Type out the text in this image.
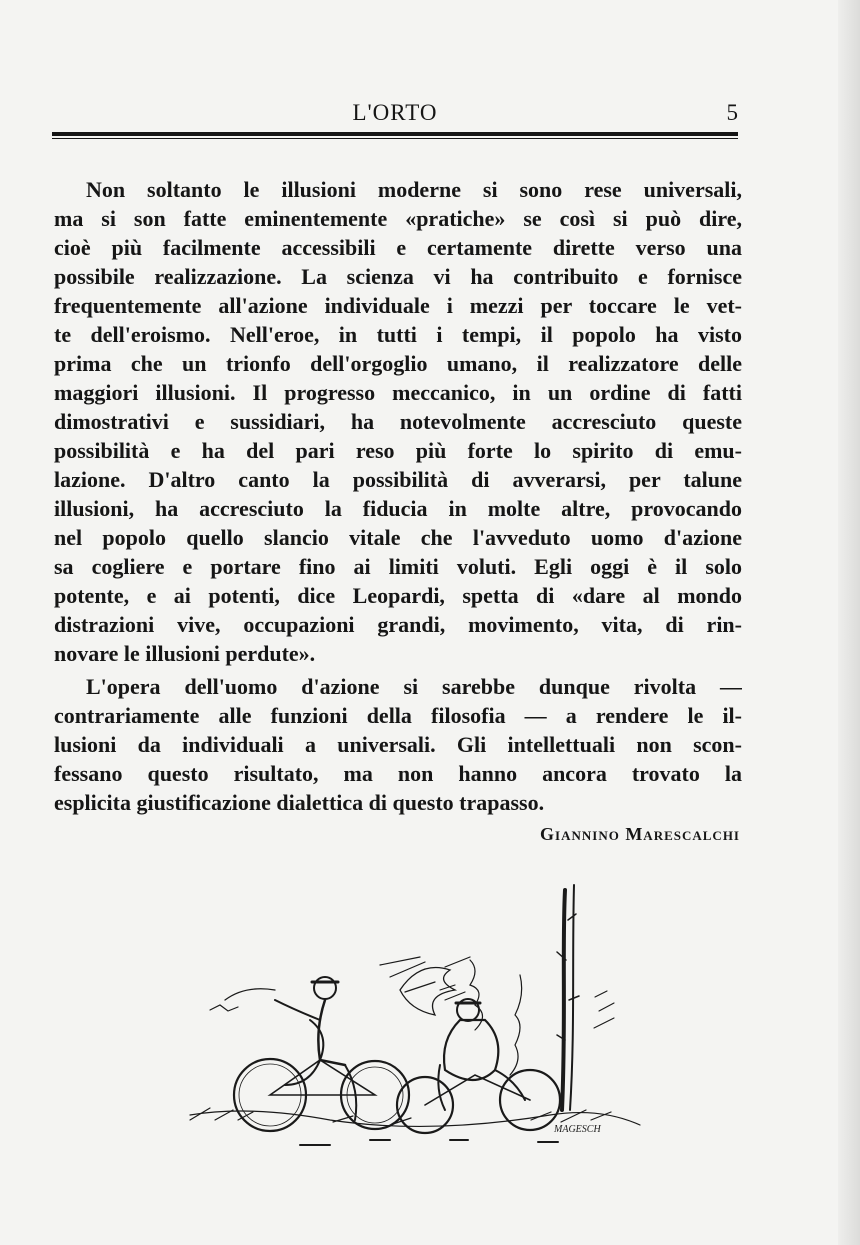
L'ORTO	5
Non soltanto le illusioni moderne si sono rese universali,
ma si son fatte eminentemente «pratiche» se così si può dire,
cioè più facilmente accessibili e certamente dirette verso una
possibile realizzazione. La scienza vi ha contribuito e fornisce
frequentemente all'azione individuale i mezzi per toccare le vet-
te dell'eroismo. Nell'eroe, in tutti i tempi, il popolo ha visto
prima che un trionfo dell'orgoglio umano, il realizzatore delle
maggiori illusioni. Il progresso meccanico, in un ordine di fatti
dimostrativi e sussidiari, ha notevolmente accresciuto queste
possibilità e ha del pari reso più forte lo spirito di emu-
lazione. D'altro canto la possibilità di avverarsi, per talune
illusioni, ha accresciuto la fiducia in molte altre, provocando
nel popolo quello slancio vitale che l'avveduto uomo d'azione
sa cogliere e portare fino ai limiti voluti. Egli oggi è il solo
potente, e ai potenti, dice Leopardi, spetta di «dare al mondo
distrazioni vive, occupazioni grandi, movimento, vita, di rin-
novare le illusioni perdute».
L'opera dell'uomo d'azione si sarebbe dunque rivolta —
contrariamente alle funzioni della filosofia — a rendere le il-
lusioni da individuali a universali. Gli intellettuali non scon-
fessano questo risultato, ma non hanno ancora trovato la
esplicita giustificazione dialettica di questo trapasso.
Giannino Marescalchi
MAGESCH
